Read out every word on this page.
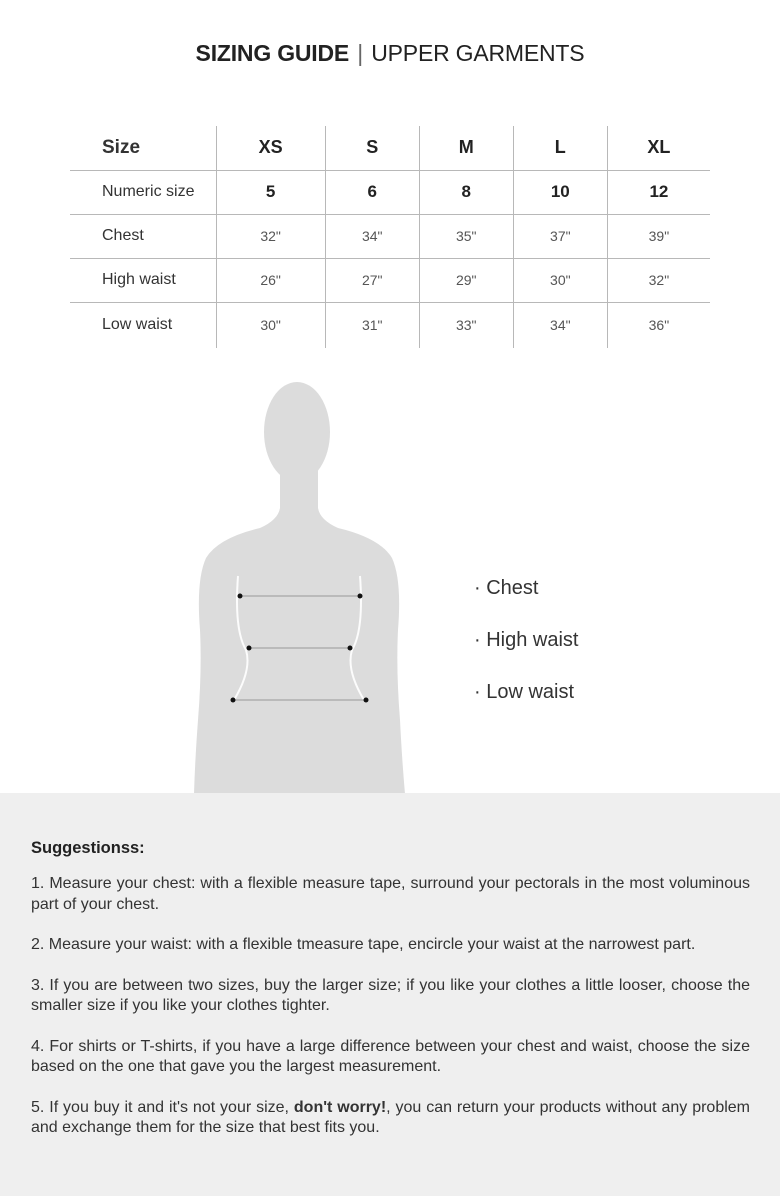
SIZING GUIDE | UPPER GARMENTS
Size	XS	S	M	L	XL
Numeric size	5	6	8	10	12
Chest	32"	34"	35"	37"	39"
High waist	26"	27"	29"	30"	32"
Low waist	30"	31"	33"	34"	36"
· Chest
· High waist
· Low waist
Suggestionss:

1. Measure your chest: with a flexible measure tape, surround your pectorals in the most voluminous part of your chest.

2. Measure your waist: with a flexible tmeasure tape, encircle your waist at the narrowest part.

3. If you are between two sizes, buy the larger size; if you like your clothes a little looser, choose the smaller size if you like your clothes tighter.

4. For shirts or T-shirts, if you have a large difference between your chest and waist, choose the size based on the one that gave you the largest measurement.

5. If you buy it and it's not your size, don't worry!, you can return your products without any problem and exchange them for the size that best fits you.
